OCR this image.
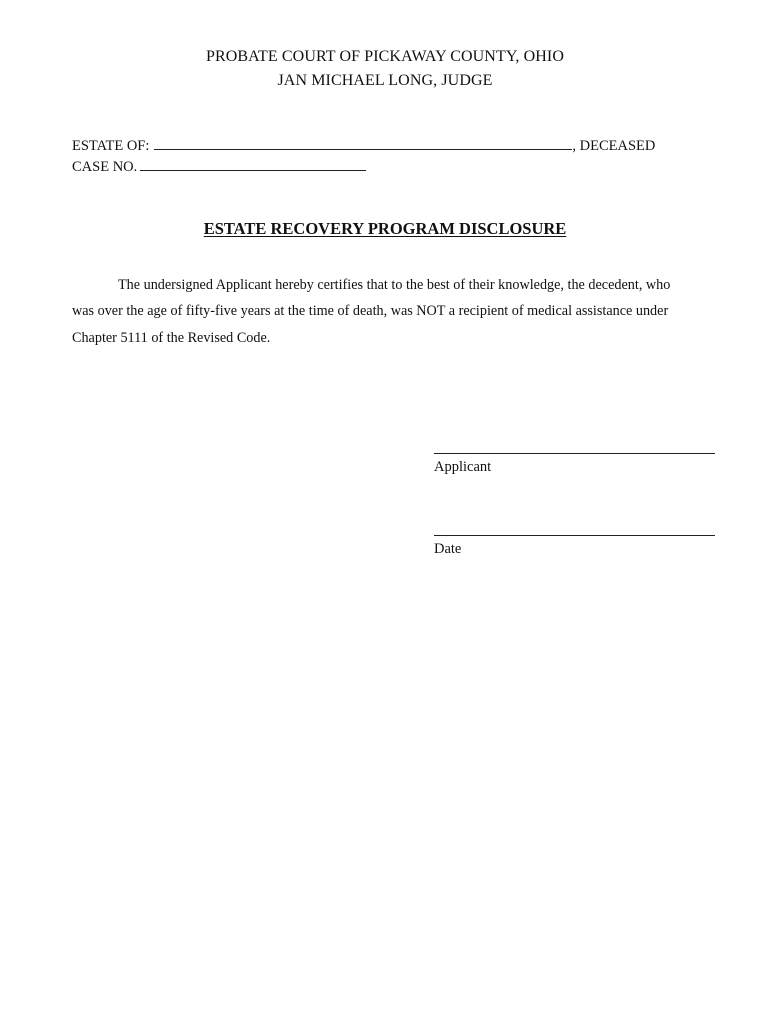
PROBATE COURT OF PICKAWAY COUNTY, OHIO
JAN MICHAEL LONG, JUDGE
ESTATE OF:	, DECEASED
CASE NO.
ESTATE RECOVERY PROGRAM DISCLOSURE
The undersigned Applicant hereby certifies that to the best of their knowledge, the decedent, who
was over the age of fifty-five years at the time of death, was NOT a recipient of medical assistance under
Chapter 5111 of the Revised Code.
Applicant
Date
